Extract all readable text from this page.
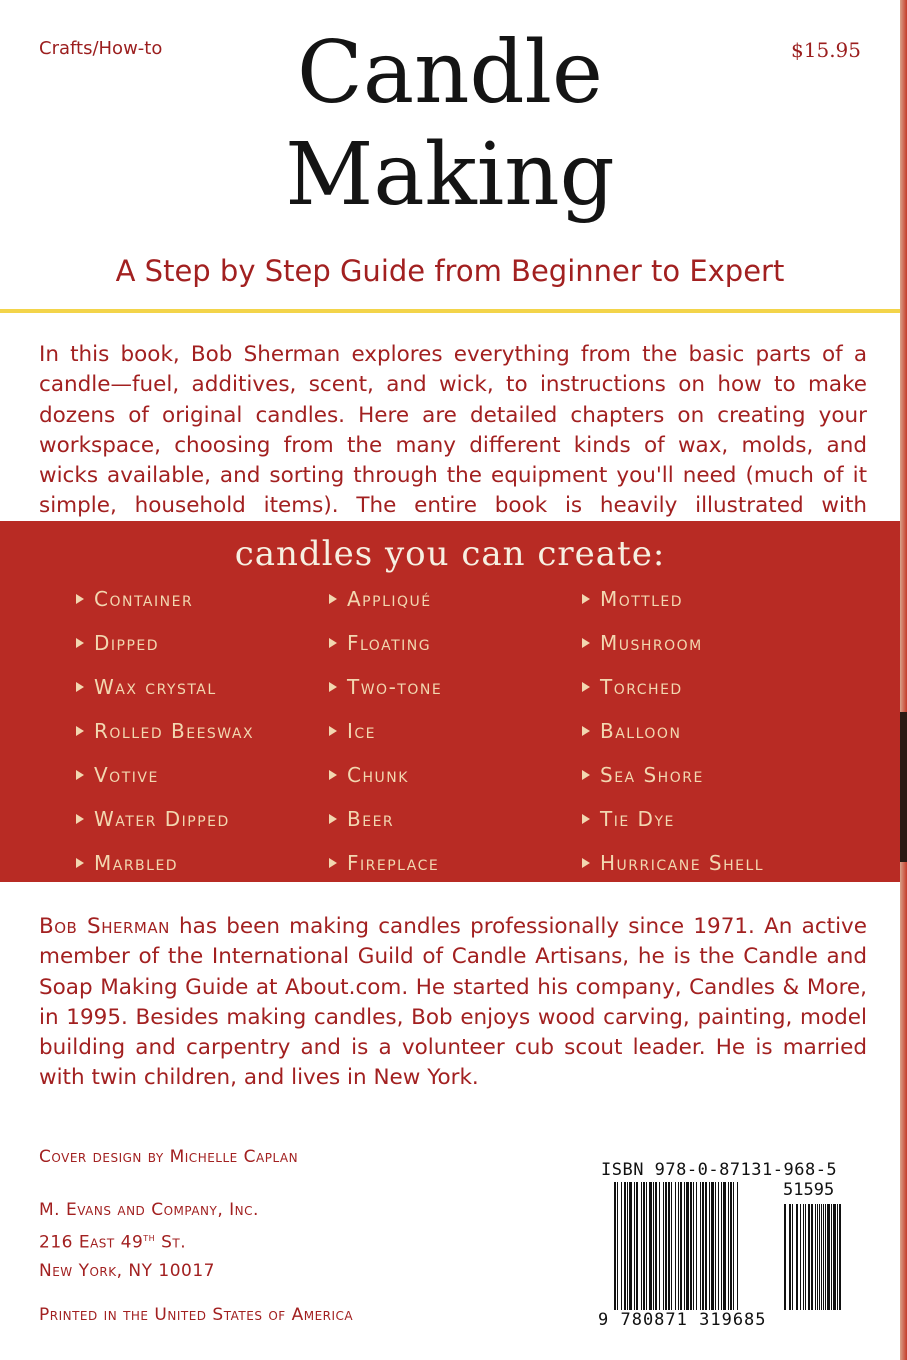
Crafts/How-to	$15.95
Candle
Making
A Step by Step Guide from Beginner to Expert

In this book, Bob Sherman explores everything from the basic parts of a candle—fuel, additives, scent, and wick, to instructions on how to make dozens of original candles. Here are detailed chapters on creating your workspace, choosing from the many different kinds of wax, molds, and wicks available, and sorting through the equipment you'll need (much of it simple, household items). The entire book is heavily illustrated with

candles you can create:
Container
Dipped
Wax crystal
Rolled Beeswax
Votive
Water Dipped
Marbled
Appliqué
Floating
Two-tone
Ice
Chunk
Beer
Fireplace
Mottled
Mushroom
Torched
Balloon
Sea Shore
Tie Dye
Hurricane Shell

Bob Sherman has been making candles professionally since 1971. An active member of the International Guild of Candle Artisans, he is the Candle and Soap Making Guide at About.com. He started his company, Candles & More, in 1995. Besides making candles, Bob enjoys wood carving, painting, model building and carpentry and is a volunteer cub scout leader. He is married with twin children, and lives in New York.

Cover design by Michelle Caplan
M. Evans and Company, Inc.
216 East 49th St.
New York, NY 10017
Printed in the United States of America
ISBN 978-0-87131-968-5
51595
9 780871 319685
